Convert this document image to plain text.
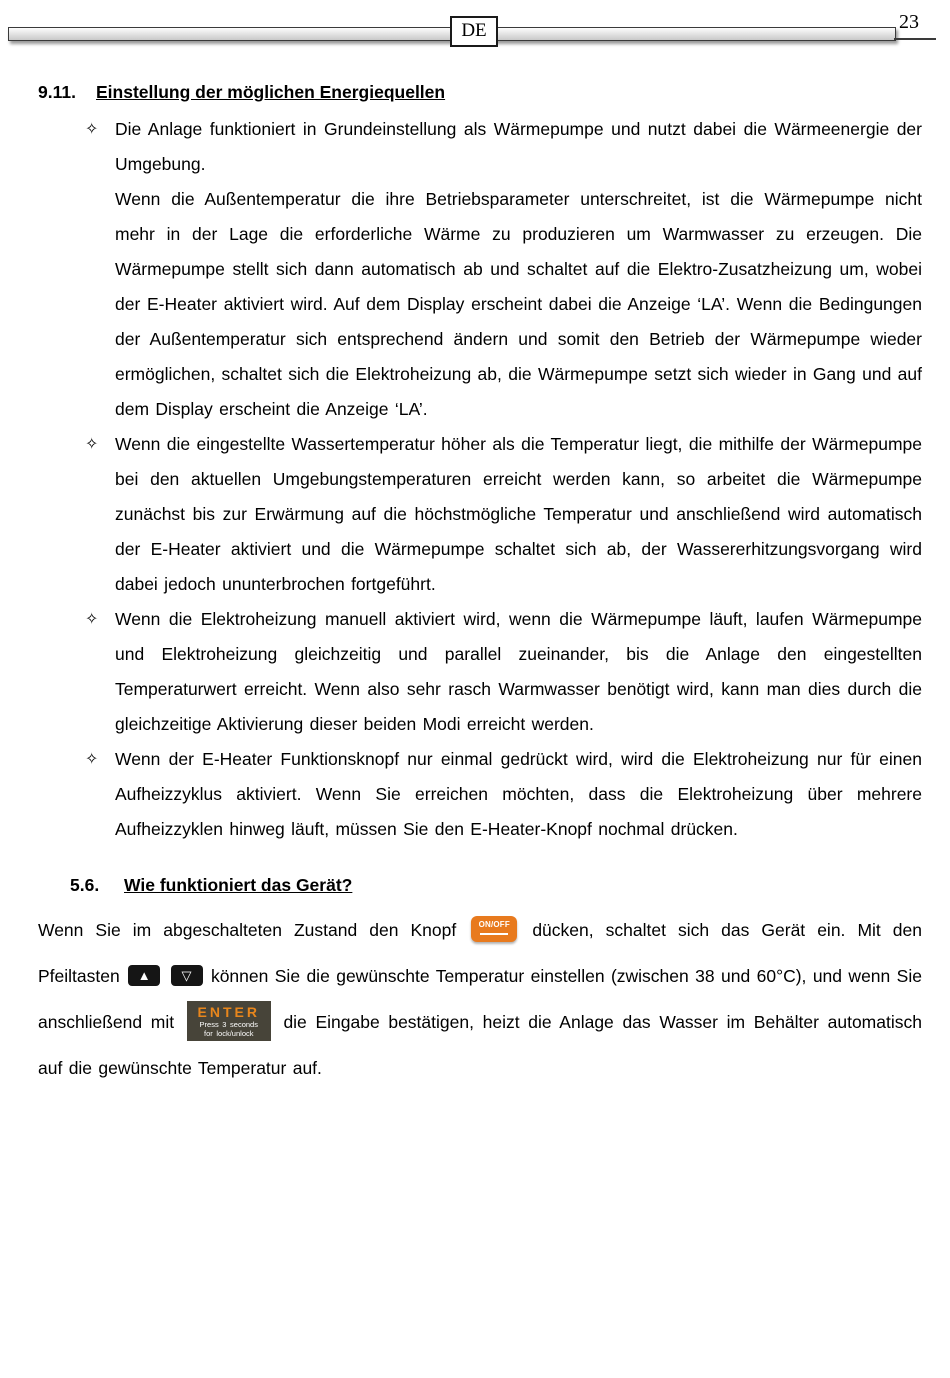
DE	23
9.11.	Einstellung der möglichen Energiequellen
✧ Die Anlage funktioniert in Grundeinstellung als Wärmepumpe und nutzt dabei die Wärmeenergie der Umgebung.

Wenn die Außentemperatur die ihre Betriebsparameter unterschreitet, ist die Wärmepumpe nicht mehr in der Lage die erforderliche Wärme zu produzieren um Warmwasser zu erzeugen. Die Wärmepumpe stellt sich dann automatisch ab und schaltet auf die Elektro-Zusatzheizung um, wobei der E-Heater aktiviert wird. Auf dem Display erscheint dabei die Anzeige ‘LA’. Wenn die Bedingungen der Außentemperatur sich entsprechend ändern und somit den Betrieb der Wärmepumpe wieder ermöglichen, schaltet sich die Elektroheizung ab, die Wärmepumpe setzt sich wieder in Gang und auf dem Display erscheint die Anzeige ‘LA’.

✧ Wenn die eingestellte Wassertemperatur höher als die Temperatur liegt, die mithilfe der Wärmepumpe bei den aktuellen Umgebungstemperaturen erreicht werden kann, so arbeitet die Wärmepumpe zunächst bis zur Erwärmung auf die höchstmögliche Temperatur und anschließend wird automatisch der E-Heater aktiviert und die Wärmepumpe schaltet sich ab, der Wassererhitzungsvorgang wird dabei jedoch ununterbrochen fortgeführt.

✧ Wenn die Elektroheizung manuell aktiviert wird, wenn die Wärmepumpe läuft, laufen Wärmepumpe und Elektroheizung gleichzeitig und parallel zueinander, bis die Anlage den eingestellten Temperaturwert erreicht. Wenn also sehr rasch Warmwasser benötigt wird, kann man dies durch die gleichzeitige Aktivierung dieser beiden Modi erreicht werden.

✧ Wenn der E-Heater Funktionsknopf nur einmal gedrückt wird, wird die Elektroheizung nur für einen Aufheizzyklus aktiviert. Wenn Sie erreichen möchten, dass die Elektroheizung über mehrere Aufheizzyklen hinweg läuft, müssen Sie den E-Heater-Knopf nochmal drücken.

5.6.	Wie funktioniert das Gerät?

Wenn Sie im abgeschalteten Zustand den Knopf	ON/OFF	dücken, schaltet sich das Gerät ein. Mit den Pfeiltasten ▲
▽ können Sie die gewünschte Temperatur einstellen (zwischen 38 und 60°C), und wenn Sie anschließend mit	ENTER
Press 3 seconds
for lock/unlock
die Eingabe bestätigen, heizt die Anlage das Wasser im Behälter automatisch auf die gewünschte Temperatur auf.
